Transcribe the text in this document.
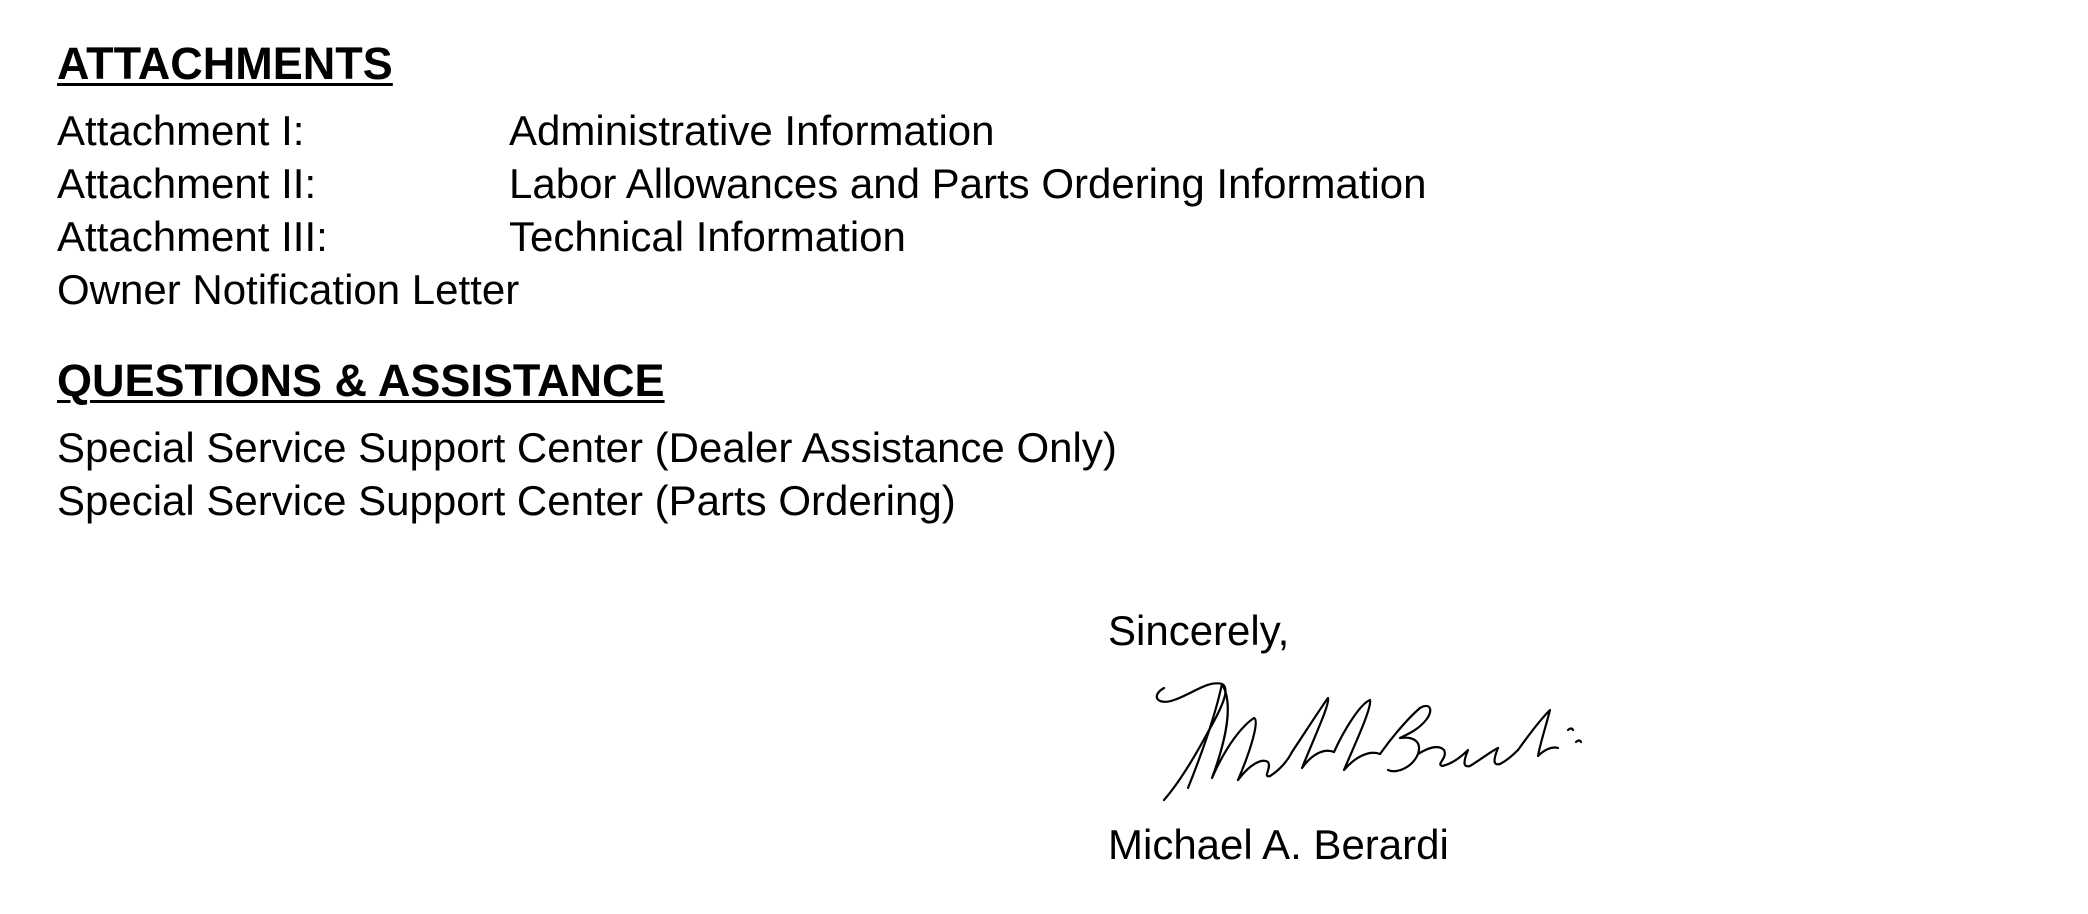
ATTACHMENTS
Attachment I:	Administrative Information
Attachment II:	Labor Allowances and Parts Ordering Information
Attachment III:	Technical Information
Owner Notification Letter
QUESTIONS & ASSISTANCE
Special Service Support Center (Dealer Assistance Only)
Special Service Support Center (Parts Ordering)
Sincerely,
Michael A. Berardi
